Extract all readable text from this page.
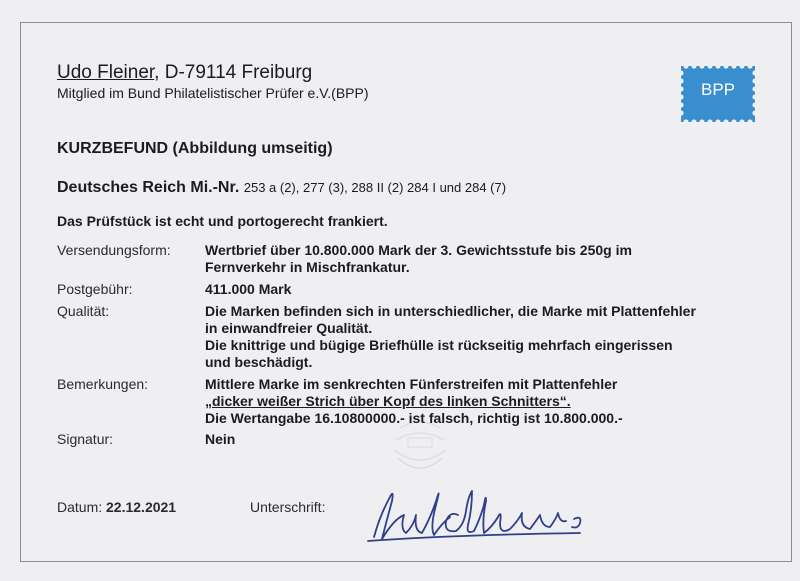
Udo Fleiner, D-79114 Freiburg
Mitglied im Bund Philatelistischer Prüfer e.V.(BPP)	BPP
KURZBEFUND (Abbildung umseitig)
Deutsches Reich Mi.-Nr. 253 a (2), 277 (3), 288 II (2) 284 I und 284 (7)
Das Prüfstück ist echt und portogerecht frankiert.
Versendungsform: Wertbrief über 10.800.000 Mark der 3. Gewichtsstufe bis 250g im
Fernverkehr in Mischfrankatur.
Postgebühr:	411.000 Mark
Qualität:	Die Marken befinden sich in unterschiedlicher, die Marke mit Plattenfehler
in einwandfreier Qualität.
Die knittrige und bügige Briefhülle ist rückseitig mehrfach eingerissen
und beschädigt.
Bemerkungen:	Mittlere Marke im senkrechten Fünferstreifen mit Plattenfehler
„dicker weißer Strich über Kopf des linken Schnitters“.
Die Wertangabe 16.10800000.- ist falsch, richtig ist 10.800.000.-
Signatur:	Nein
Datum: 22.12.2021	Unterschrift:
